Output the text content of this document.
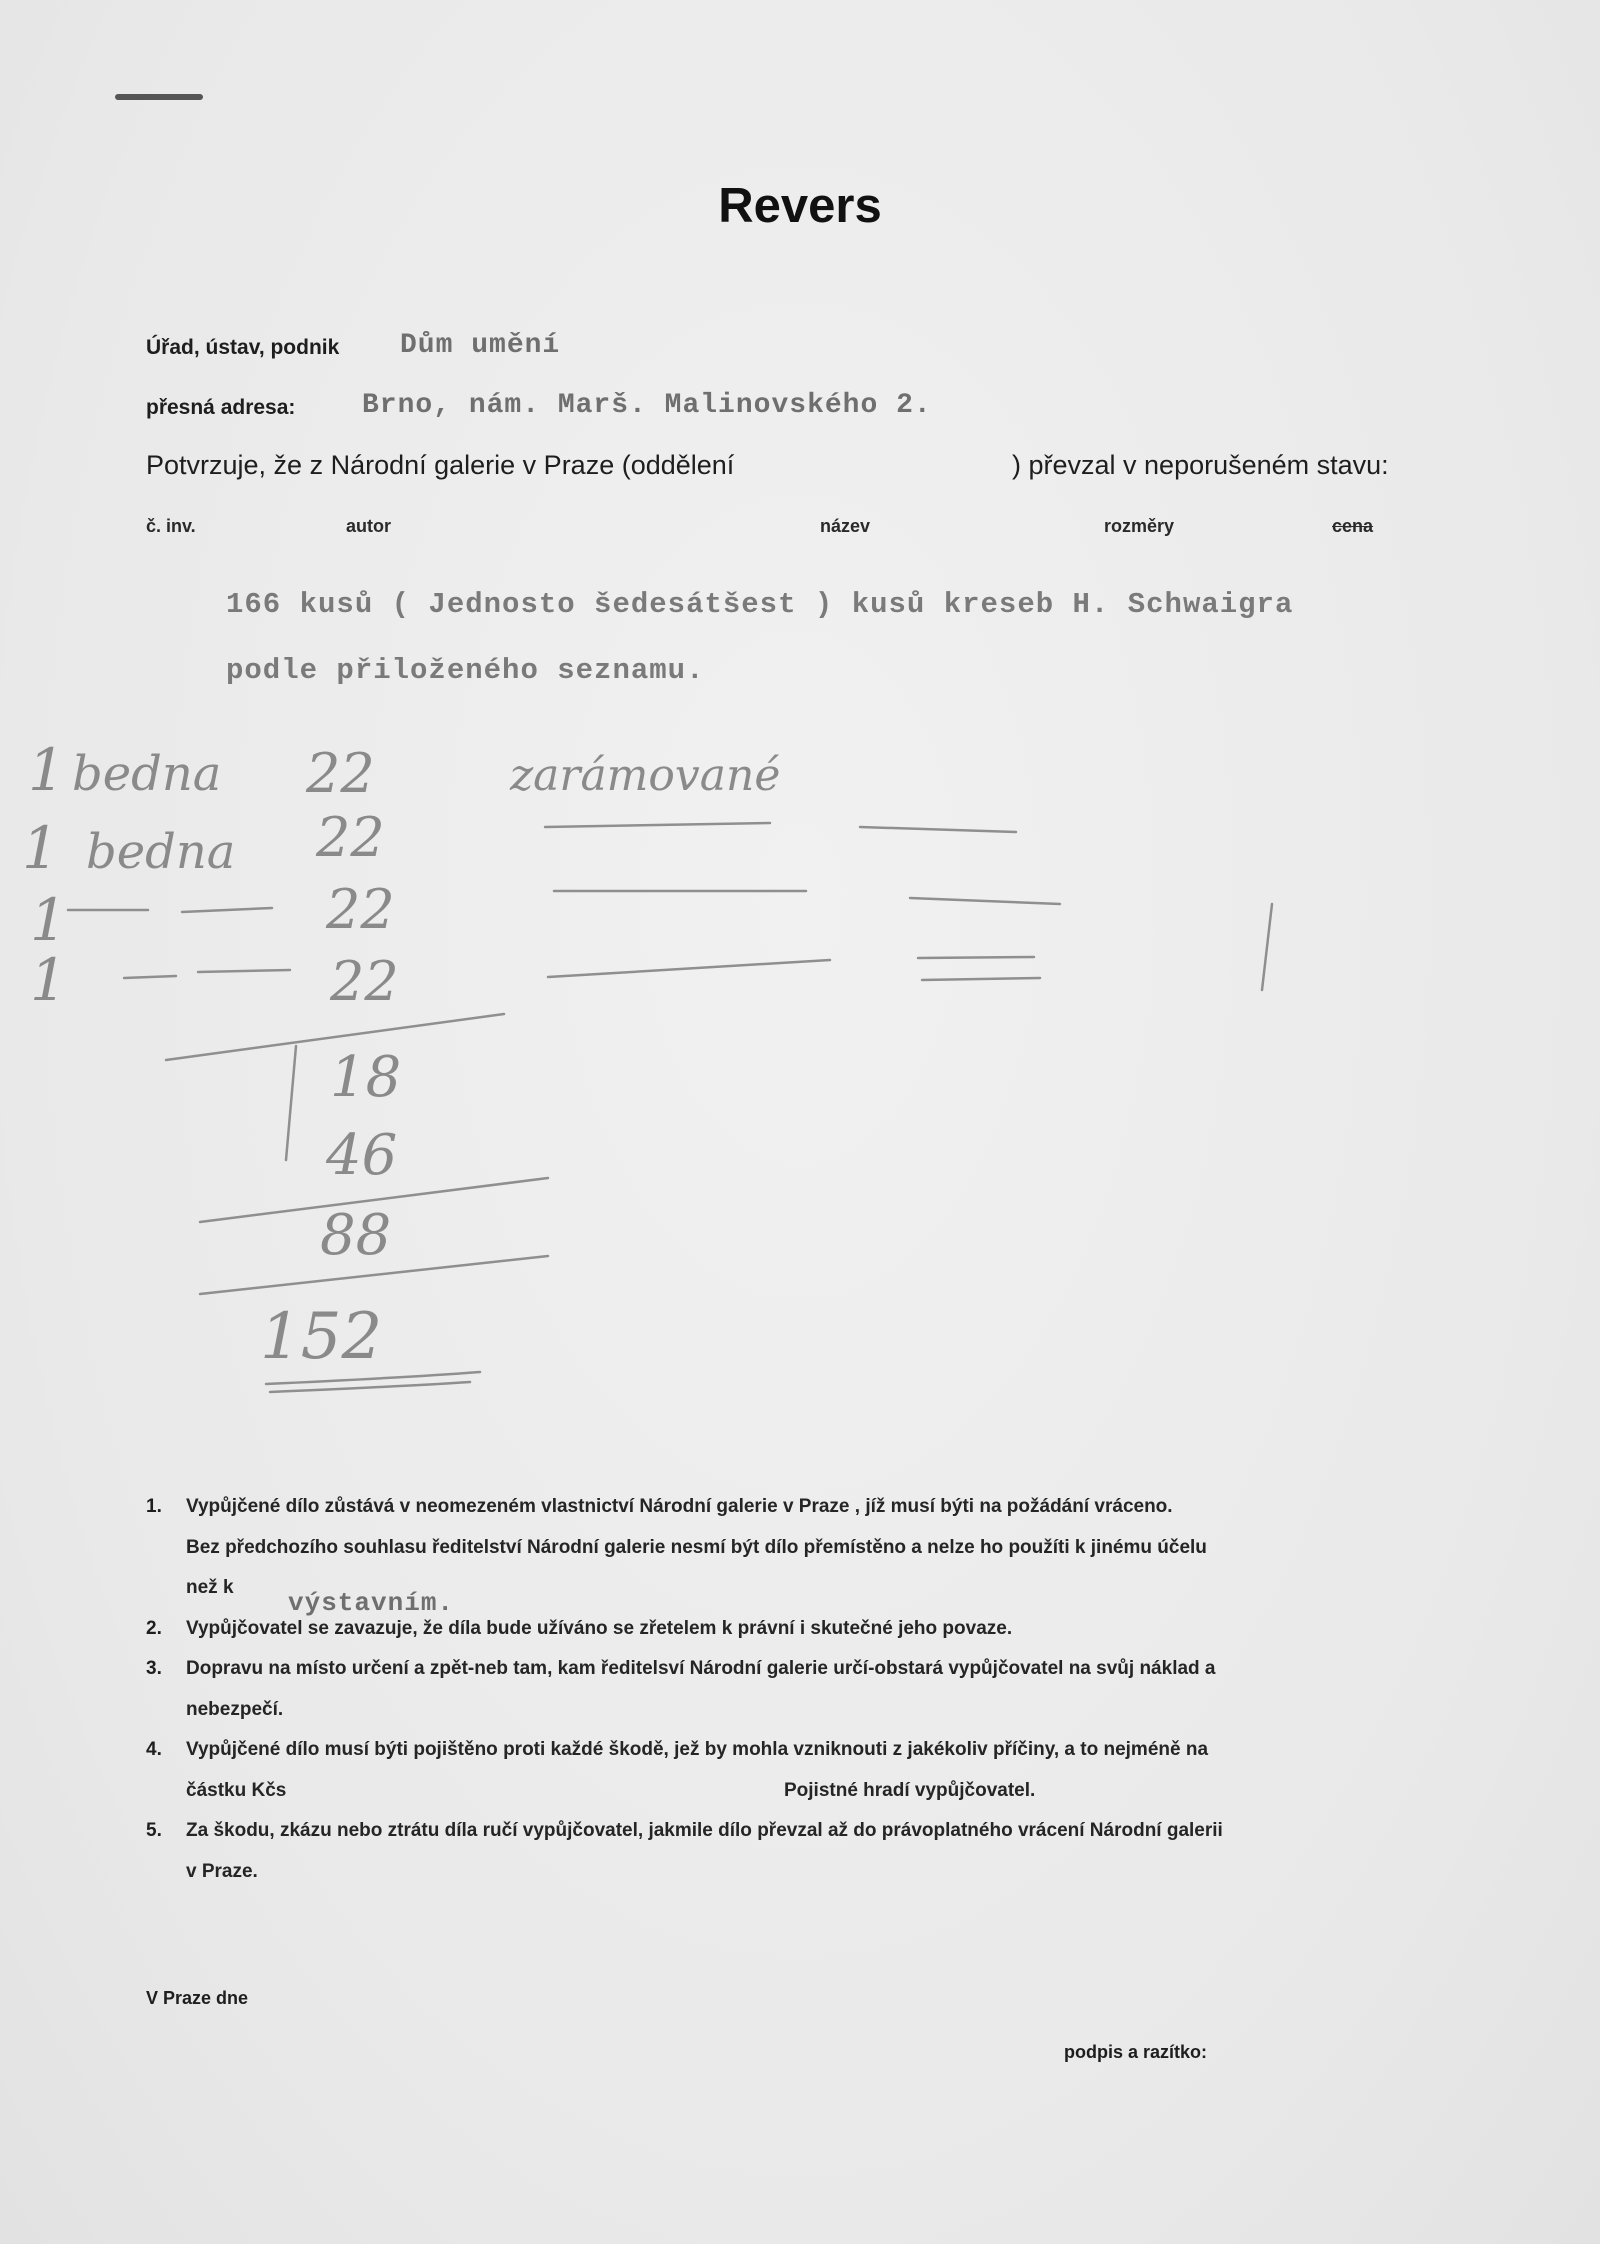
Revers
Úřad, ústav, podnik Dům umění
přesná adresa: Brno, nám. Marš. Malinovského 2.
Potvrzuje, že z Národní galerie v Praze (oddělení	) převzal v neporušeném stavu:
č. inv.	autor	název	rozměry	cena
166 kusů ( Jednosto šedesátšest ) kusů kreseb H. Schwaigra
podle přiloženého seznamu.
1 bedna 22	zarámované
1 bedna 22
1	22
1	22
18
46
88
152
1. Vypůjčené dílo zůstává v neomezeném vlastnictví Národní galerie v Praze , jíž musí býti na požádání vráceno.
Bez předchozího souhlasu ředitelství Národní galerie nesmí být dílo přemístěno a nelze ho použíti k jinému účelu
než k
výstavním.
2. Vypůjčovatel se zavazuje, že díla bude užíváno se zřetelem k právní i skutečné jeho povaze.
3. Dopravu na místo určení a zpět-neb tam, kam ředitelsví Národní galerie určí-obstará vypůjčovatel na svůj náklad a
nebezpečí.
4. Vypůjčené dílo musí býti pojištěno proti každé škodě, jež by mohla vzniknouti z jakékoliv příčiny, a to nejméně na
částku Kčs	Pojistné hradí vypůjčovatel.
5. Za škodu, zkázu nebo ztrátu díla ručí vypůjčovatel, jakmile dílo převzal až do právoplatného vrácení Národní galerii
v Praze.
V Praze dne
podpis a razítko:
